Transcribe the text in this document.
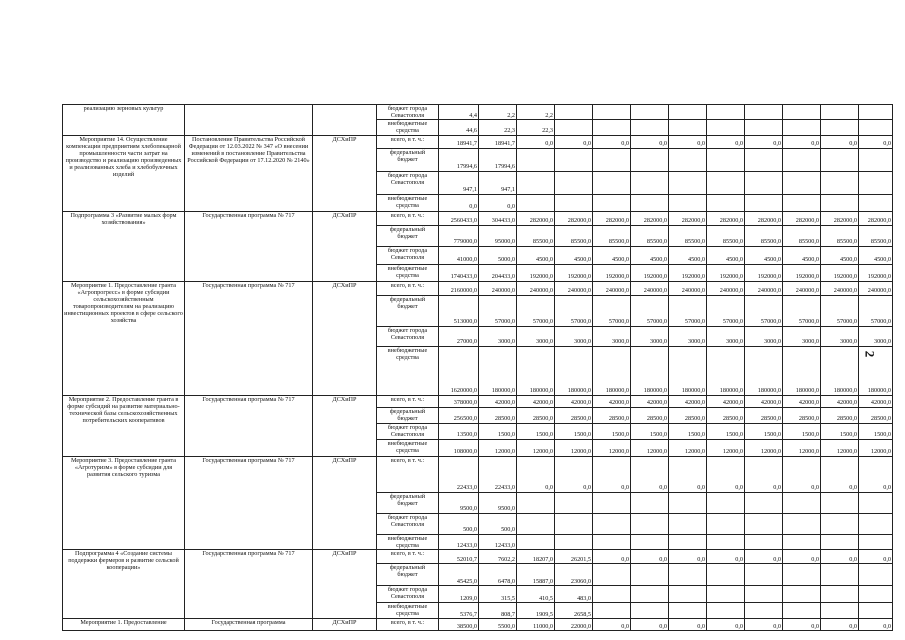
реализацию зерновых культур			бюджет города
Севастополя	4,4	2,2	2,2									
			внебюджетные
средства	44,6	22,3	22,3									
Мероприятие 14. Осуществление компенсации предприятиям хлебопекарной промышленности части затрат на производство и реализацию произведенных и реализованных хлеба и хлебобулочных изделий	Постановление Правительства Российской Федерации от 12.03.2022 № 347 «О внесении изменений в постановление Правительства Российской Федерации от 17.12.2020 № 2140»	ДСХиПР	всего, в т. ч.:	18941,7	18941,7	0,0	0,0	0,0	0,0	0,0	0,0	0,0	0,0	0,0	0,0
			федеральный
бюджет	17994,6	17994,6										
			бюджет города
Севастополя	947,1	947,1										
			внебюджетные
средства	0,0	0,0										
Подпрограмма 3 «Развитие малых форм хозяйствования»	Государственная программа № 717	ДСХиПР	всего, в т. ч.:	2560433,0	304433,0	282000,0	282000,0	282000,0	282000,0	282000,0	282000,0	282000,0	282000,0	282000,0	282000,0
			федеральный
бюджет	779000,0	95000,0	85500,0	85500,0	85500,0	85500,0	85500,0	85500,0	85500,0	85500,0	85500,0	85500,0
			бюджет города
Севастополя	41000,0	5000,0	4500,0	4500,0	4500,0	4500,0	4500,0	4500,0	4500,0	4500,0	4500,0	4500,0
			внебюджетные
средства	1740433,0	204433,0	192000,0	192000,0	192000,0	192000,0	192000,0	192000,0	192000,0	192000,0	192000,0	192000,0
Мероприятие 1. Предоставление гранта «Агропрогресс» в форме субсидии сельскохозяйственным товаропроизводителям на реализацию инвестиционных проектов в сфере сельского хозяйства	Государственная программа № 717	ДСХиПР	всего, в т. ч.:	2160000,0	240000,0	240000,0	240000,0	240000,0	240000,0	240000,0	240000,0	240000,0	240000,0	240000,0	240000,0
			федеральный
бюджет	513000,0	57000,0	57000,0	57000,0	57000,0	57000,0	57000,0	57000,0	57000,0	57000,0	57000,0	57000,0
			бюджет города
Севастополя	27000,0	3000,0	3000,0	3000,0	3000,0	3000,0	3000,0	3000,0	3000,0	3000,0	3000,0	3000,0
			внебюджетные
средства	1620000,0	180000,0	180000,0	180000,0	180000,0	180000,0	180000,0	180000,0	180000,0	180000,0	180000,0	180000,0
Мероприятие 2. Предоставление гранта в форме субсидий на развитие материально- технической базы сельскохозяйственных потребительских кооперативов	Государственная программа № 717	ДСХиПР	всего, в т. ч.:	378000,0	42000,0	42000,0	42000,0	42000,0	42000,0	42000,0	42000,0	42000,0	42000,0	42000,0	42000,0
			федеральный
бюджет	256500,0	28500,0	28500,0	28500,0	28500,0	28500,0	28500,0	28500,0	28500,0	28500,0	28500,0	28500,0
			бюджет города
Севастополя	13500,0	1500,0	1500,0	1500,0	1500,0	1500,0	1500,0	1500,0	1500,0	1500,0	1500,0	1500,0
			внебюджетные
средства	108000,0	12000,0	12000,0	12000,0	12000,0	12000,0	12000,0	12000,0	12000,0	12000,0	12000,0	12000,0
Мероприятие 3. Предоставление гранта «Агротуризм» в форме субсидии для развития сельского туризма	Государственная программа № 717	ДСХиПР	всего, в т. ч.:	22433,0	22433,0	0,0	0,0	0,0	0,0	0,0	0,0	0,0	0,0	0,0	0,0
			федеральный
бюджет	9500,0	9500,0										
			бюджет города
Севастополя	500,0	500,0										
			внебюджетные
средства	12433,0	12433,0										
Подпрограмма 4 «Создание системы поддержки фермеров и развитие сельской кооперации»	Государственная программа № 717	ДСХиПР	всего, в т. ч.:	52010,7	7602,2	18207,0	26201,5	0,0	0,0	0,0	0,0	0,0	0,0	0,0	0,0
			федеральный
бюджет	45425,0	6478,0	15887,0	23060,0								
			бюджет города
Севастополя	1209,0	315,5	410,5	483,0								
			внебюджетные
средства	5376,7	808,7	1909,5	2658,5								
Мероприятие 1. Предоставление	Государственная программа	ДСХиПР	всего, в т. ч.:	38500,0	5500,0	11000,0	22000,0	0,0	0,0	0,0	0,0	0,0	0,0	0,0	0,0
2
